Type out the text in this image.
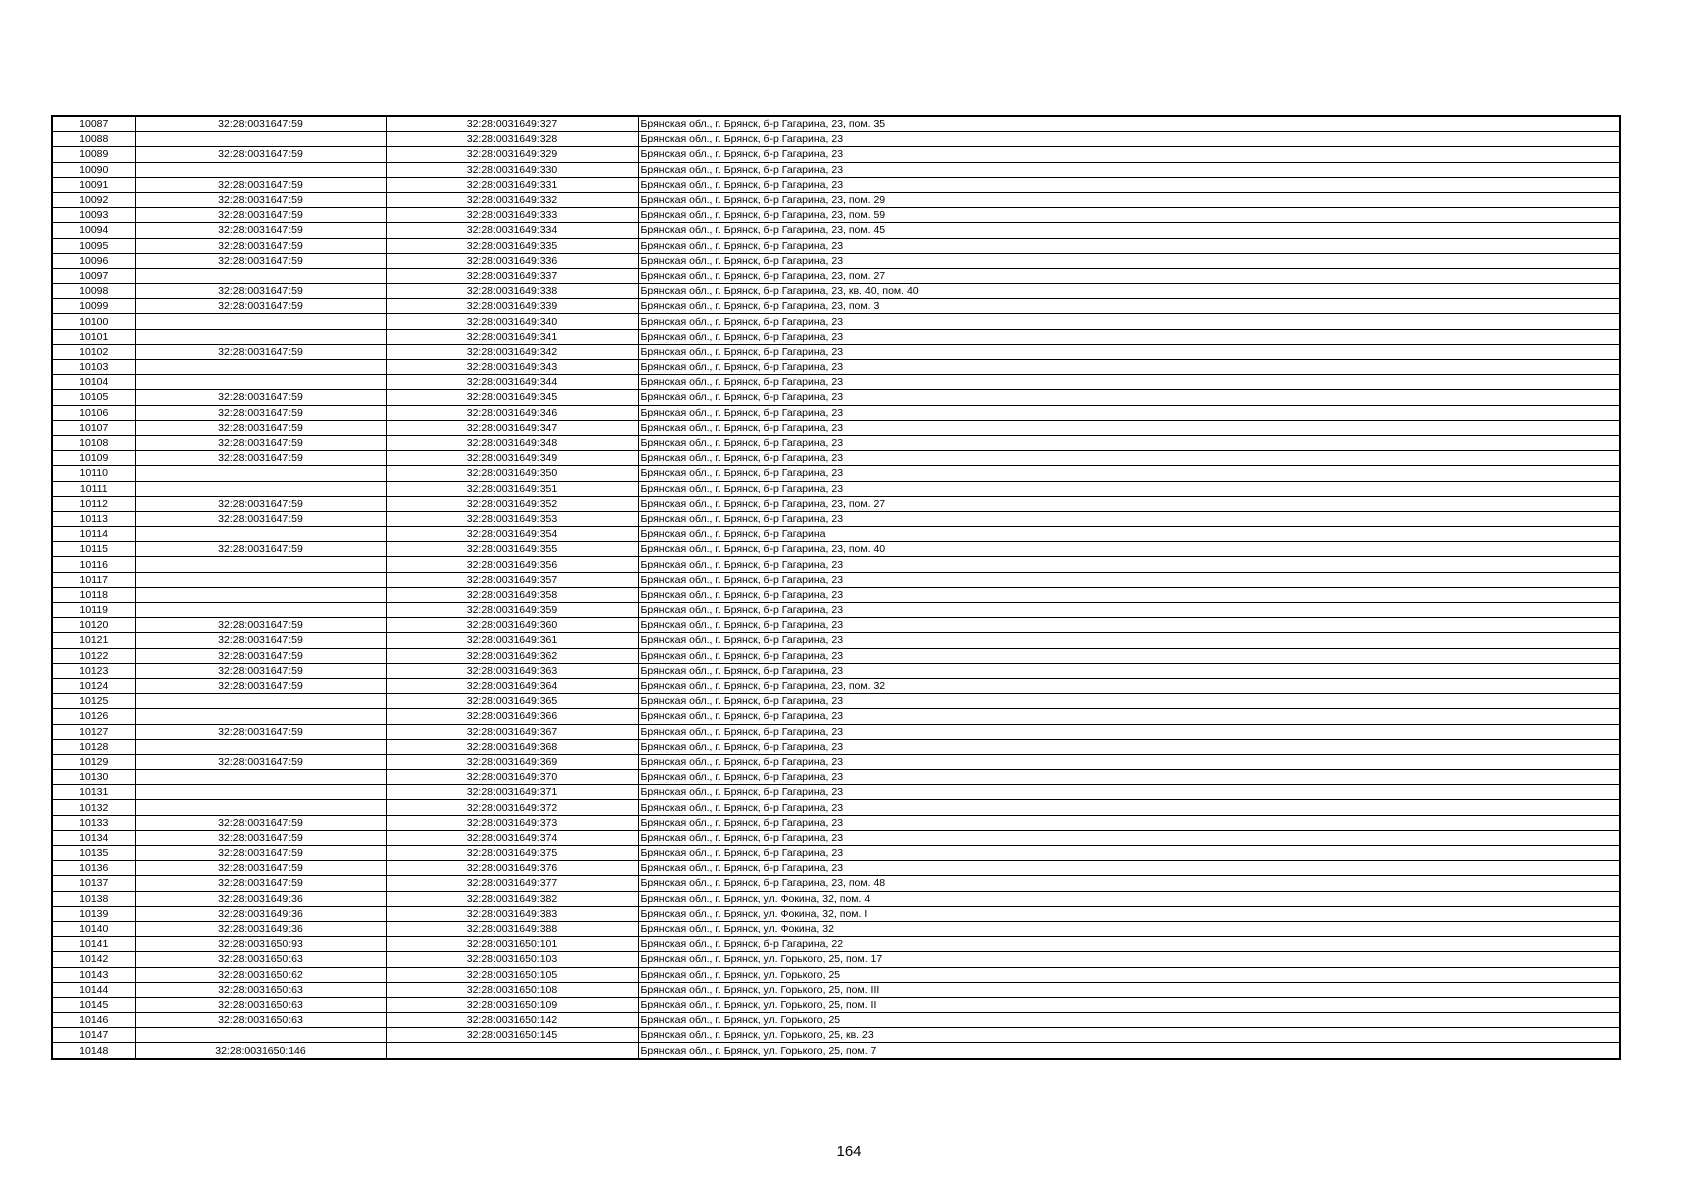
10087	32:28:0031647:59	32:28:0031649:327	Брянская обл., г. Брянск, б-р Гагарина, 23, пом. 35
10088		32:28:0031649:328	Брянская обл., г. Брянск, б-р Гагарина, 23
10089	32:28:0031647:59	32:28:0031649:329	Брянская обл., г. Брянск, б-р Гагарина, 23
10090		32:28:0031649:330	Брянская обл., г. Брянск, б-р Гагарина, 23
10091	32:28:0031647:59	32:28:0031649:331	Брянская обл., г. Брянск, б-р Гагарина, 23
10092	32:28:0031647:59	32:28:0031649:332	Брянская обл., г. Брянск, б-р Гагарина, 23, пом. 29
10093	32:28:0031647:59	32:28:0031649:333	Брянская обл., г. Брянск, б-р Гагарина, 23, пом. 59
10094	32:28:0031647:59	32:28:0031649:334	Брянская обл., г. Брянск, б-р Гагарина, 23, пом. 45
10095	32:28:0031647:59	32:28:0031649:335	Брянская обл., г. Брянск, б-р Гагарина, 23
10096	32:28:0031647:59	32:28:0031649:336	Брянская обл., г. Брянск, б-р Гагарина, 23
10097		32:28:0031649:337	Брянская обл., г. Брянск, б-р Гагарина, 23, пом. 27
10098	32:28:0031647:59	32:28:0031649:338	Брянская обл., г. Брянск, б-р Гагарина, 23, кв. 40, пом. 40
10099	32:28:0031647:59	32:28:0031649:339	Брянская обл., г. Брянск, б-р Гагарина, 23, пом. 3
10100		32:28:0031649:340	Брянская обл., г. Брянск, б-р Гагарина, 23
10101		32:28:0031649:341	Брянская обл., г. Брянск, б-р Гагарина, 23
10102	32:28:0031647:59	32:28:0031649:342	Брянская обл., г. Брянск, б-р Гагарина, 23
10103		32:28:0031649:343	Брянская обл., г. Брянск, б-р Гагарина, 23
10104		32:28:0031649:344	Брянская обл., г. Брянск, б-р Гагарина, 23
10105	32:28:0031647:59	32:28:0031649:345	Брянская обл., г. Брянск, б-р Гагарина, 23
10106	32:28:0031647:59	32:28:0031649:346	Брянская обл., г. Брянск, б-р Гагарина, 23
10107	32:28:0031647:59	32:28:0031649:347	Брянская обл., г. Брянск, б-р Гагарина, 23
10108	32:28:0031647:59	32:28:0031649:348	Брянская обл., г. Брянск, б-р Гагарина, 23
10109	32:28:0031647:59	32:28:0031649:349	Брянская обл., г. Брянск, б-р Гагарина, 23
10110		32:28:0031649:350	Брянская обл., г. Брянск, б-р Гагарина, 23
10111		32:28:0031649:351	Брянская обл., г. Брянск, б-р Гагарина, 23
10112	32:28:0031647:59	32:28:0031649:352	Брянская обл., г. Брянск, б-р Гагарина, 23, пом. 27
10113	32:28:0031647:59	32:28:0031649:353	Брянская обл., г. Брянск, б-р Гагарина, 23
10114		32:28:0031649:354	Брянская обл., г. Брянск, б-р Гагарина
10115	32:28:0031647:59	32:28:0031649:355	Брянская обл., г. Брянск, б-р Гагарина, 23, пом. 40
10116		32:28:0031649:356	Брянская обл., г. Брянск, б-р Гагарина, 23
10117		32:28:0031649:357	Брянская обл., г. Брянск, б-р Гагарина, 23
10118		32:28:0031649:358	Брянская обл., г. Брянск, б-р Гагарина, 23
10119		32:28:0031649:359	Брянская обл., г. Брянск, б-р Гагарина, 23
10120	32:28:0031647:59	32:28:0031649:360	Брянская обл., г. Брянск, б-р Гагарина, 23
10121	32:28:0031647:59	32:28:0031649:361	Брянская обл., г. Брянск, б-р Гагарина, 23
10122	32:28:0031647:59	32:28:0031649:362	Брянская обл., г. Брянск, б-р Гагарина, 23
10123	32:28:0031647:59	32:28:0031649:363	Брянская обл., г. Брянск, б-р Гагарина, 23
10124	32:28:0031647:59	32:28:0031649:364	Брянская обл., г. Брянск, б-р Гагарина, 23, пом. 32
10125		32:28:0031649:365	Брянская обл., г. Брянск, б-р Гагарина, 23
10126		32:28:0031649:366	Брянская обл., г. Брянск, б-р Гагарина, 23
10127	32:28:0031647:59	32:28:0031649:367	Брянская обл., г. Брянск, б-р Гагарина, 23
10128		32:28:0031649:368	Брянская обл., г. Брянск, б-р Гагарина, 23
10129	32:28:0031647:59	32:28:0031649:369	Брянская обл., г. Брянск, б-р Гагарина, 23
10130		32:28:0031649:370	Брянская обл., г. Брянск, б-р Гагарина, 23
10131		32:28:0031649:371	Брянская обл., г. Брянск, б-р Гагарина, 23
10132		32:28:0031649:372	Брянская обл., г. Брянск, б-р Гагарина, 23
10133	32:28:0031647:59	32:28:0031649:373	Брянская обл., г. Брянск, б-р Гагарина, 23
10134	32:28:0031647:59	32:28:0031649:374	Брянская обл., г. Брянск, б-р Гагарина, 23
10135	32:28:0031647:59	32:28:0031649:375	Брянская обл., г. Брянск, б-р Гагарина, 23
10136	32:28:0031647:59	32:28:0031649:376	Брянская обл., г. Брянск, б-р Гагарина, 23
10137	32:28:0031647:59	32:28:0031649:377	Брянская обл., г. Брянск, б-р Гагарина, 23, пом. 48
10138	32:28:0031649:36	32:28:0031649:382	Брянская обл., г. Брянск, ул. Фокина, 32, пом. 4
10139	32:28:0031649:36	32:28:0031649:383	Брянская обл., г. Брянск, ул. Фокина, 32, пом. I
10140	32:28:0031649:36	32:28:0031649:388	Брянская обл., г. Брянск, ул. Фокина, 32
10141	32:28:0031650:93	32:28:0031650:101	Брянская обл., г. Брянск, б-р Гагарина, 22
10142	32:28:0031650:63	32:28:0031650:103	Брянская обл., г. Брянск, ул. Горького, 25, пом. 17
10143	32:28:0031650:62	32:28:0031650:105	Брянская обл., г. Брянск, ул. Горького, 25
10144	32:28:0031650:63	32:28:0031650:108	Брянская обл., г. Брянск, ул. Горького, 25, пом. III
10145	32:28:0031650:63	32:28:0031650:109	Брянская обл., г. Брянск, ул. Горького, 25, пом. II
10146	32:28:0031650:63	32:28:0031650:142	Брянская обл., г. Брянск, ул. Горького, 25
10147		32:28:0031650:145	Брянская обл., г. Брянск, ул. Горького, 25, кв. 23
10148	32:28:0031650:146		Брянская обл., г. Брянск, ул. Горького, 25, пом. 7
164
